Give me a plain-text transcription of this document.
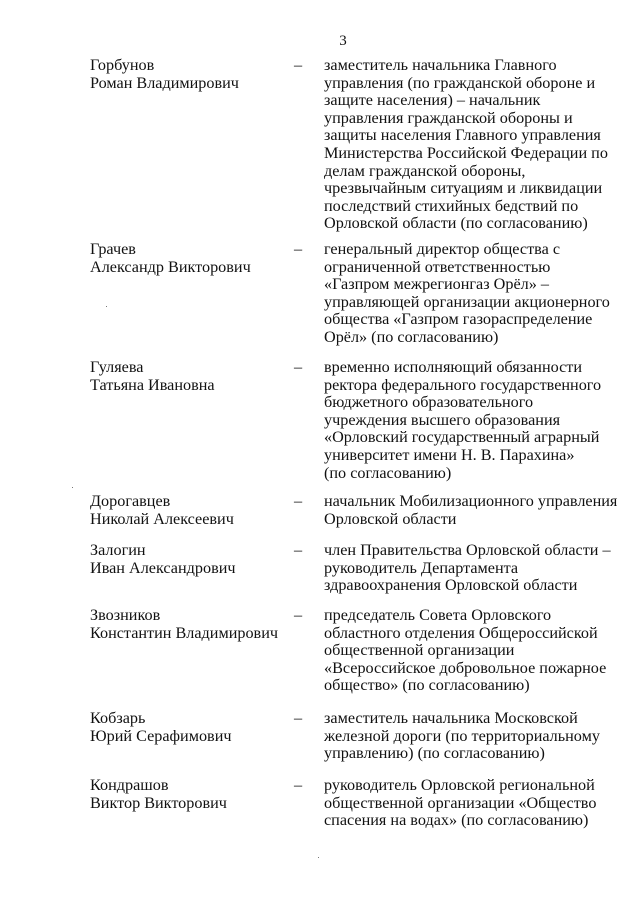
3
Горбунов
Роман Владимирович
–	заместитель начальника Главного
управления (по гражданской обороне и
защите населения) – начальник
управления гражданской обороны и
защиты населения Главного управления
Министерства Российской Федерации по
делам гражданской обороны,
чрезвычайным ситуациям и ликвидации
последствий стихийных бедствий по
Орловской области (по согласованию)
Грачев
Александр Викторович
–	генеральный директор общества с
ограниченной ответственностью
«Газпром межрегионгаз Орёл» –
управляющей организации акционерного
общества «Газпром газораспределение
Орёл» (по согласованию)
Гуляева
Татьяна Ивановна
–	временно исполняющий обязанности
ректора федерального государственного
бюджетного образовательного
учреждения высшего образования
«Орловский государственный аграрный
университет имени Н. В. Парахина»
(по согласованию)
Дорогавцев
Николай Алексеевич
–	начальник Мобилизационного управления
Орловской области
Залогин
Иван Александрович
–	член Правительства Орловской области –
руководитель Департамента
здравоохранения Орловской области
Звозников
Константин Владимирович
–	председатель Совета Орловского
областного отделения Общероссийской
общественной организации
«Всероссийское добровольное пожарное
общество» (по согласованию)
Кобзарь
Юрий Серафимович
–	заместитель начальника Московской
железной дороги (по территориальному
управлению) (по согласованию)
Кондрашов
Виктор Викторович
–	руководитель Орловской региональной
общественной организации «Общество
спасения на водах» (по согласованию)
